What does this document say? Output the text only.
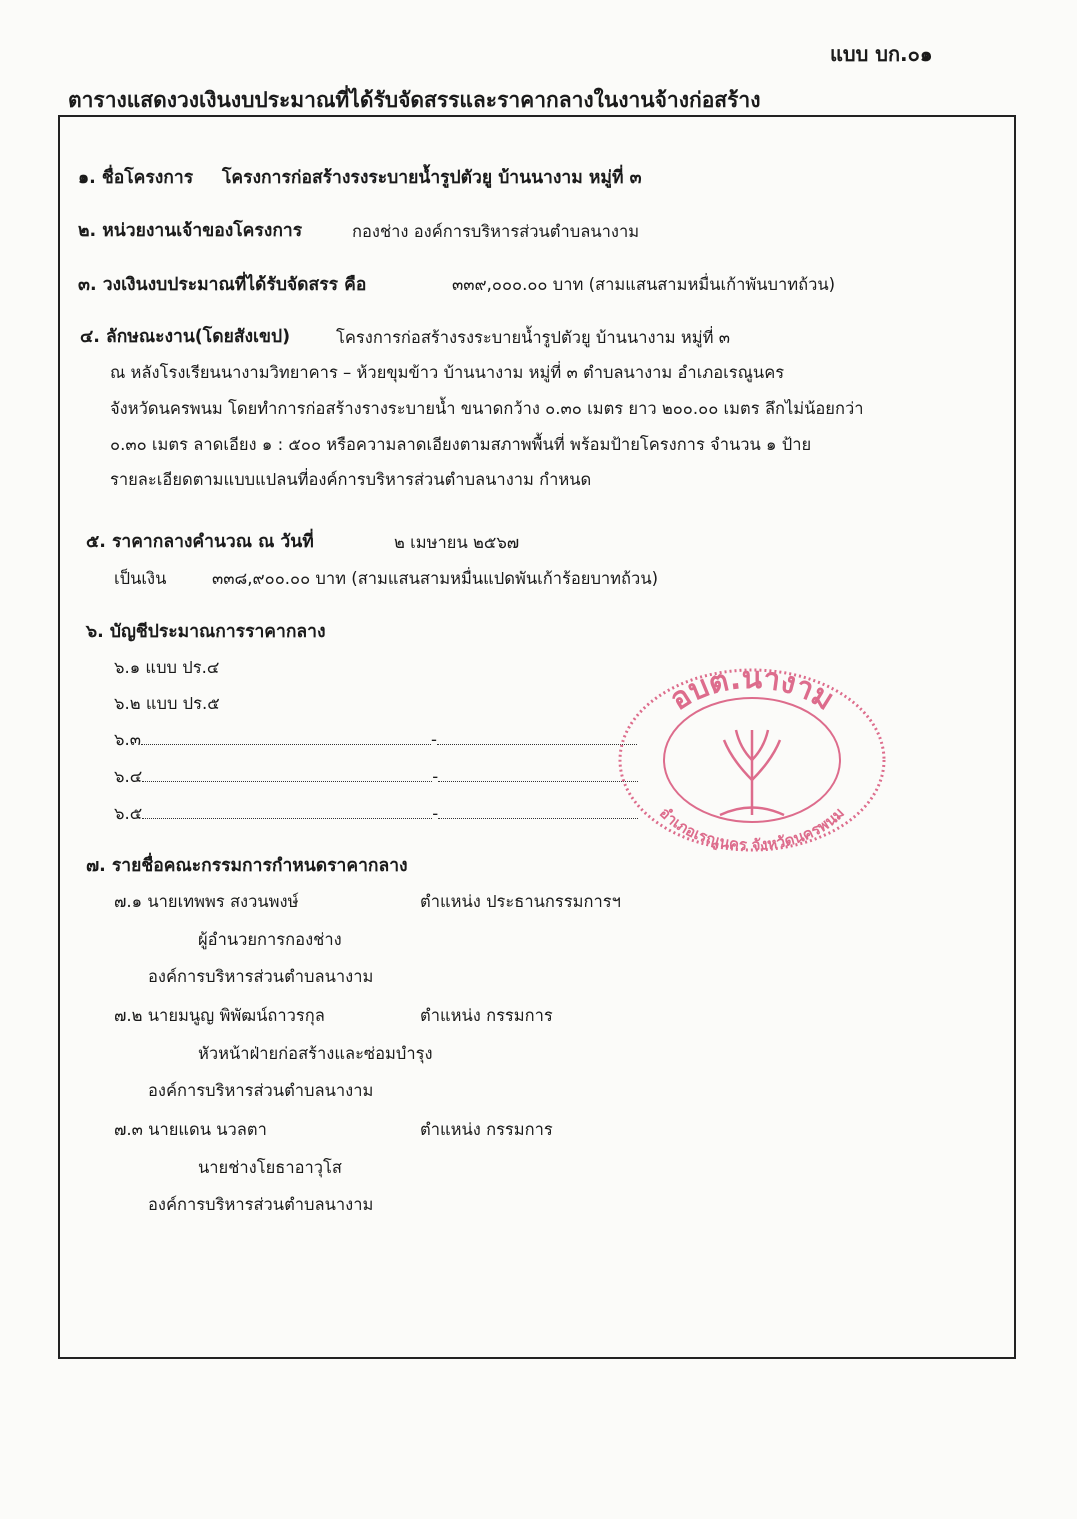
แบบ บก.๐๑
ตารางแสดงวงเงินงบประมาณที่ได้รับจัดสรรและราคากลางในงานจ้างก่อสร้าง
๑. ชื่อโครงการ โครงการก่อสร้างรงระบายน้ำรูปตัวยู บ้านนางาม หมู่ที่ ๓
๒. หน่วยงานเจ้าของโครงการ	กองช่าง องค์การบริหารส่วนตำบลนางาม
๓. วงเงินงบประมาณที่ได้รับจัดสรร คือ	๓๓๙,๐๐๐.๐๐ บาท (สามแสนสามหมื่นเก้าพันบาทถ้วน)
๔. ลักษณะงาน(โดยสังเขป)	โครงการก่อสร้างรงระบายน้ำรูปตัวยู บ้านนางาม หมู่ที่ ๓
ณ หลังโรงเรียนนางามวิทยาคาร – ห้วยขุมข้าว บ้านนางาม หมู่ที่ ๓ ตำบลนางาม อำเภอเรณูนคร
จังหวัดนครพนม โดยทำการก่อสร้างรางระบายน้ำ ขนาดกว้าง ๐.๓๐ เมตร ยาว ๒๐๐.๐๐ เมตร ลึกไม่น้อยกว่า
๐.๓๐ เมตร ลาดเอียง ๑ : ๕๐๐ หรือความลาดเอียงตามสภาพพื้นที่ พร้อมป้ายโครงการ จำนวน ๑ ป้าย
รายละเอียดตามแบบแปลนที่องค์การบริหารส่วนตำบลนางาม กำหนด
๕. ราคากลางคำนวณ ณ วันที่	๒ เมษายน ๒๕๖๗
เป็นเงิน	๓๓๘,๙๐๐.๐๐ บาท (สามแสนสามหมื่นแปดพันเก้าร้อยบาทถ้วน)
๖. บัญชีประมาณการราคากลาง
๖.๑ แบบ ปร.๔
๖.๒ แบบ ปร.๕
๖.๓	-
๖.๔	-
๖.๕	-
๗. รายชื่อคณะกรรมการกำหนดราคากลาง
๗.๑ นายเทพพร สงวนพงษ์	ตำแหน่ง ประธานกรรมการฯ
ผู้อำนวยการกองช่าง
องค์การบริหารส่วนตำบลนางาม
๗.๒ นายมนูญ พิพัฒน์ถาวรกุล	ตำแหน่ง กรรมการ
หัวหน้าฝ่ายก่อสร้างและซ่อมบำรุง
องค์การบริหารส่วนตำบลนางาม
๗.๓ นายแดน นวลตา	ตำแหน่ง กรรมการ
นายช่างโยธาอาวุโส
องค์การบริหารส่วนตำบลนางาม
อบต.นางาม
อำเภอเรณูนคร จังหวัดนครพนม
